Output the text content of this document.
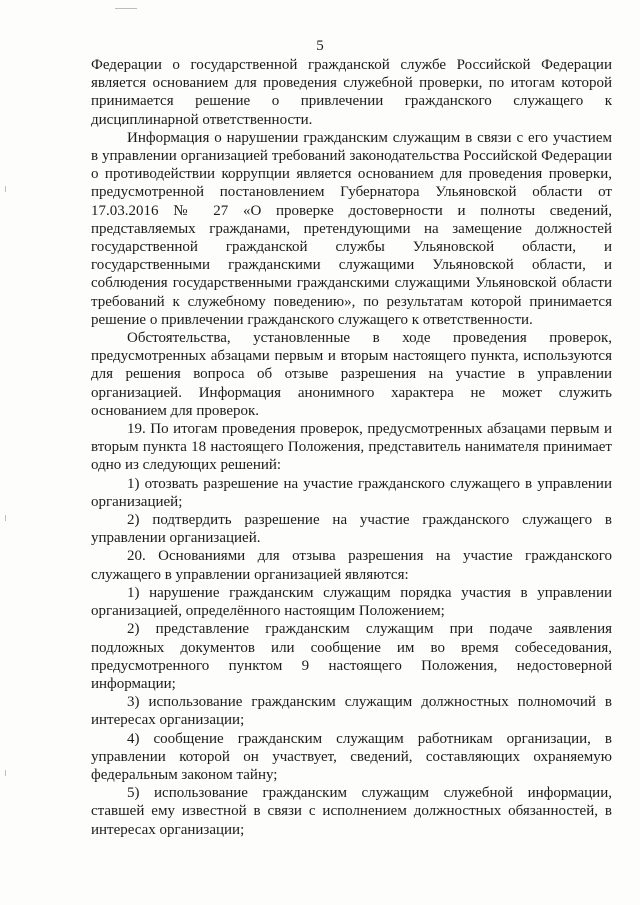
5

Федерации о государственной гражданской службе Российской Федерации является основанием для проведения служебной проверки, по итогам которой принимается решение о привлечении гражданского служащего к дисциплинарной ответственности.

Информация о нарушении гражданским служащим в связи с его участием в управлении организацией требований законодательства Российской Федерации о противодействии коррупции является основанием для проведения проверки, предусмотренной постановлением Губернатора Ульяновской области от 17.03.2016 № 27 «О проверке достоверности и полноты сведений, представляемых гражданами, претендующими на замещение должностей государственной гражданской службы Ульяновской области, и государственными гражданскими служащими Ульяновской области, и соблюдения государственными гражданскими служащими Ульяновской области требований к служебному поведению», по результатам которой принимается решение о привлечении гражданского служащего к ответственности.

Обстоятельства, установленные в ходе проведения проверок, предусмотренных абзацами первым и вторым настоящего пункта, используются для решения вопроса об отзыве разрешения на участие в управлении организацией. Информация анонимного характера не может служить основанием для проверок.

19. По итогам проведения проверок, предусмотренных абзацами первым и вторым пункта 18 настоящего Положения, представитель нанимателя принимает одно из следующих решений:

1) отозвать разрешение на участие гражданского служащего в управлении организацией;

2) подтвердить разрешение на участие гражданского служащего в управлении организацией.

20. Основаниями для отзыва разрешения на участие гражданского служащего в управлении организацией являются:

1) нарушение гражданским служащим порядка участия в управлении организацией, определённого настоящим Положением;

2) представление гражданским служащим при подаче заявления подложных документов или сообщение им во время собеседования, предусмотренного пунктом 9 настоящего Положения, недостоверной информации;

3) использование гражданским служащим должностных полномочий в интересах организации;

4) сообщение гражданским служащим работникам организации, в управлении которой он участвует, сведений, составляющих охраняемую федеральным законом тайну;

5) использование гражданским служащим служебной информации, ставшей ему известной в связи с исполнением должностных обязанностей, в интересах организации;
